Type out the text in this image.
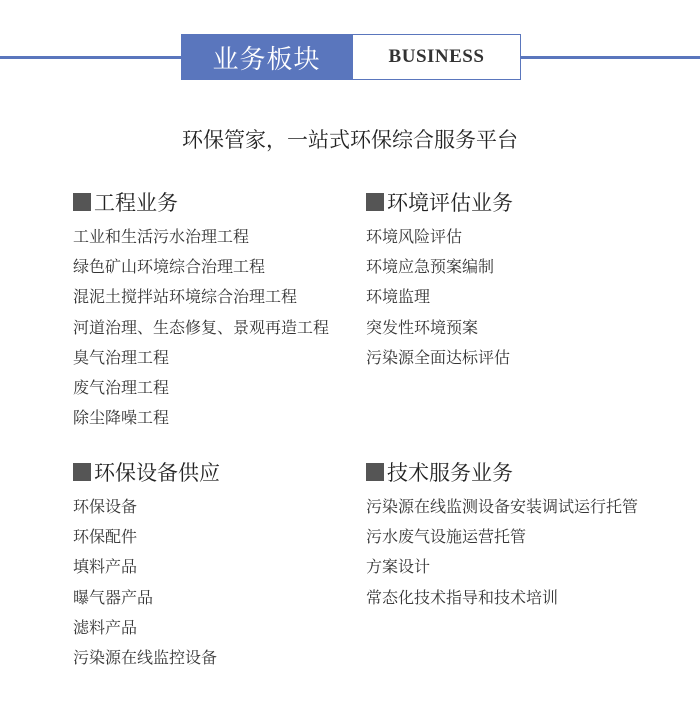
业务板块	BUSINESS
环保管家，一站式环保综合服务平台
工程业务
工业和生活污水治理工程
绿色矿山环境综合治理工程
混泥土搅拌站环境综合治理工程
河道治理、生态修复、景观再造工程
臭气治理工程
废气治理工程
除尘降噪工程
环境评估业务
环境风险评估
环境应急预案编制
环境监理
突发性环境预案
污染源全面达标评估
环保设备供应
环保设备
环保配件
填料产品
曝气器产品
滤料产品
污染源在线监控设备
技术服务业务
污染源在线监测设备安装调试运行托管
污水废气设施运营托管
方案设计
常态化技术指导和技术培训
